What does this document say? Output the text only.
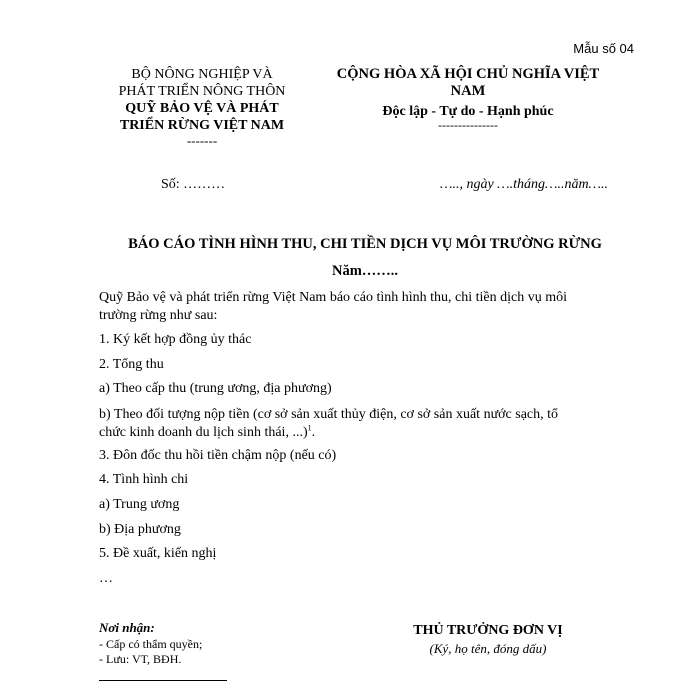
Mẫu số 04
BỘ NÔNG NGHIỆP VÀ
PHÁT TRIỂN NÔNG THÔN
QUỸ BẢO VỆ VÀ PHÁT
TRIỂN RỪNG VIỆT NAM
-------
CỘNG HÒA XÃ HỘI CHỦ NGHĨA VIỆT
NAM
Độc lập - Tự do - Hạnh phúc
---------------
Số: ………	….., ngày ….tháng…..năm…..
BÁO CÁO TÌNH HÌNH THU, CHI TIỀN DỊCH VỤ MÔI TRƯỜNG RỪNG
Năm……..
Quỹ Bảo vệ và phát triển rừng Việt Nam báo cáo tình hình thu, chi tiền dịch vụ môi
trường rừng như sau:
1. Ký kết hợp đồng ủy thác
2. Tổng thu
a) Theo cấp thu (trung ương, địa phương)
b) Theo đối tượng nộp tiền (cơ sở sản xuất thủy điện, cơ sở sản xuất nước sạch, tổ
chức kinh doanh du lịch sinh thái, ...)$^1$.
3. Đôn đốc thu hồi tiền chậm nộp (nếu có)
4. Tình hình chi
a) Trung ương
b) Địa phương
5. Đề xuất, kiến nghị
…
Nơi nhận:
- Cấp có thẩm quyền;
- Lưu: VT, BĐH.
THỦ TRƯỞNG ĐƠN VỊ
(Ký, họ tên, đóng dấu)
